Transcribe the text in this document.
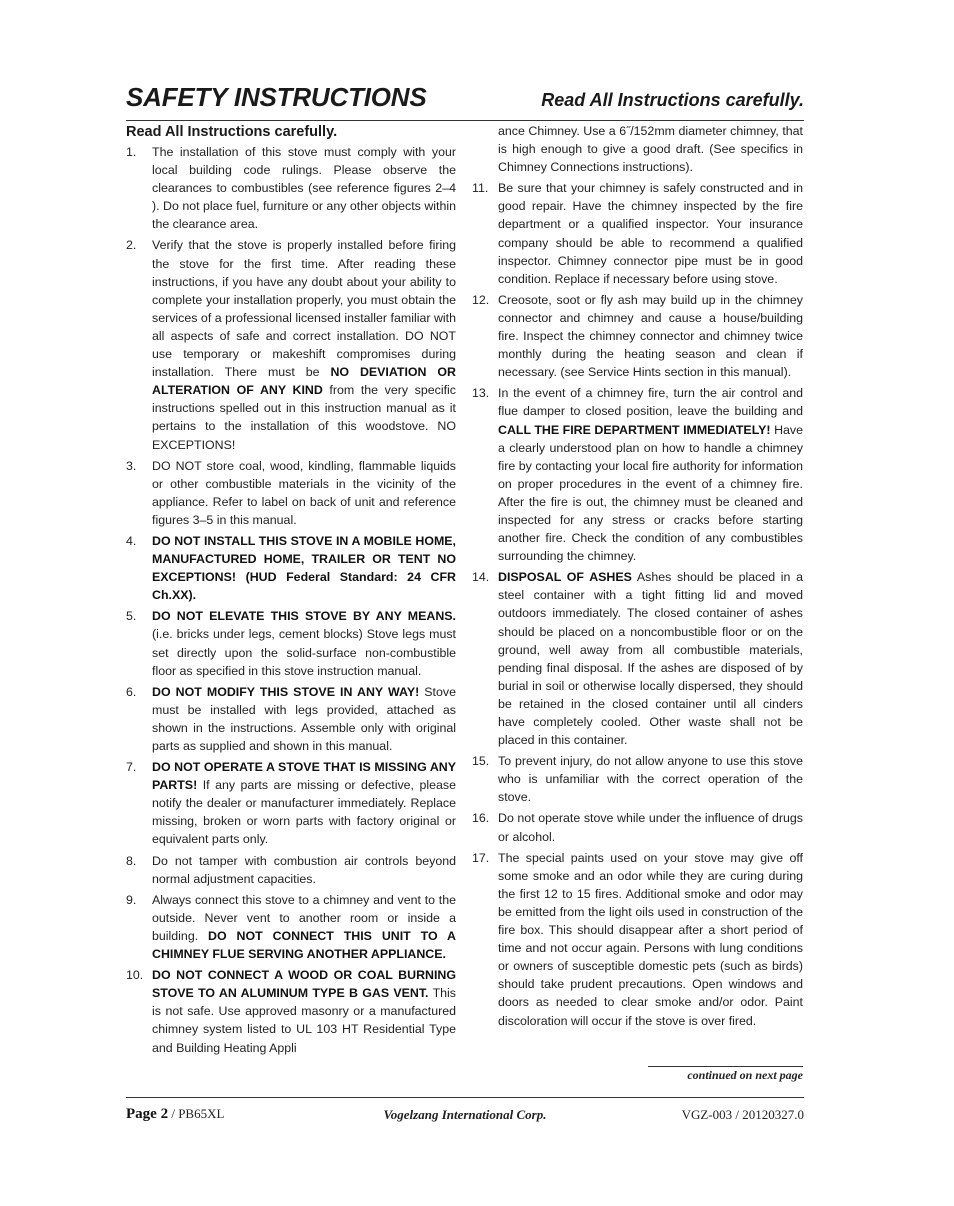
SAFETY INSTRUCTIONS	Read All Instructions carefully.
Read All Instructions carefully.
1. The installation of this stove must comply with your local building code rulings. Please observe the clearances to combustibles (see reference figures 2–4 ). Do not place fuel, furniture or any other objects within the clearance area.
2. Verify that the stove is properly installed before firing the stove for the first time. After reading these instructions, if you have any doubt about your ability to complete your installation properly, you must obtain the services of a professional licensed installer familiar with all aspects of safe and correct installation. DO NOT use temporary or makeshift compromises during installation. There must be NO DEVIATION OR ALTERATION OF ANY KIND from the very specific instructions spelled out in this instruction manual as it pertains to the installation of this woodstove. NO EXCEPTIONS!
3. DO NOT store coal, wood, kindling, flammable liquids or other combustible materials in the vicinity of the appliance. Refer to label on back of unit and reference figures 3–5 in this manual.
4. DO NOT INSTALL THIS STOVE IN A MOBILE HOME, MANUFACTURED HOME, TRAILER OR TENT NO EXCEPTIONS! (HUD Federal Standard: 24 CFR Ch.XX).
5. DO NOT ELEVATE THIS STOVE BY ANY MEANS. (i.e. bricks under legs, cement blocks) Stove legs must set directly upon the solid-surface non-combustible floor as specified in this stove instruction manual.
6. DO NOT MODIFY THIS STOVE IN ANY WAY! Stove must be installed with legs provided, attached as shown in the instructions. Assemble only with original parts as supplied and shown in this manual.
7. DO NOT OPERATE A STOVE THAT IS MISSING ANY PARTS! If any parts are missing or defective, please notify the dealer or manufacturer immediately. Replace missing, broken or worn parts with factory original or equivalent parts only.
8. Do not tamper with combustion air controls beyond normal adjustment capacities.
9. Always connect this stove to a chimney and vent to the outside. Never vent to another room or inside a building. DO NOT CONNECT THIS UNIT TO A CHIMNEY FLUE SERVING ANOTHER APPLIANCE.
10. DO NOT CONNECT A WOOD OR COAL BURNING STOVE TO AN ALUMINUM TYPE B GAS VENT. This is not safe. Use approved masonry or a manufactured chimney system listed to UL 103 HT Residential Type and Building Heating Appli
ance Chimney. Use a 6˝/152mm diameter chimney, that is high enough to give a good draft. (See specifics in Chimney Connections instructions).
11. Be sure that your chimney is safely constructed and in good repair. Have the chimney inspected by the fire department or a qualified inspector. Your insurance company should be able to recommend a qualified inspector. Chimney connector pipe must be in good condition. Replace if necessary before using stove.
12. Creosote, soot or fly ash may build up in the chimney connector and chimney and cause a house/building fire. Inspect the chimney connector and chimney twice monthly during the heating season and clean if necessary. (see Service Hints section in this manual).
13. In the event of a chimney fire, turn the air control and flue damper to closed position, leave the building and CALL THE FIRE DEPARTMENT IMMEDIATELY! Have a clearly understood plan on how to handle a chimney fire by contacting your local fire authority for information on proper procedures in the event of a chimney fire. After the fire is out, the chimney must be cleaned and inspected for any stress or cracks before starting another fire. Check the condition of any combustibles surrounding the chimney.
14. DISPOSAL OF ASHES Ashes should be placed in a steel container with a tight fitting lid and moved outdoors immediately. The closed container of ashes should be placed on a noncombustible floor or on the ground, well away from all combustible materials, pending final disposal. If the ashes are disposed of by burial in soil or otherwise locally dispersed, they should be retained in the closed container until all cinders have completely cooled. Other waste shall not be placed in this container.
15. To prevent injury, do not allow anyone to use this stove who is unfamiliar with the correct operation of the stove.
16. Do not operate stove while under the influence of drugs or alcohol.
17. The special paints used on your stove may give off some smoke and an odor while they are curing during the first 12 to 15 fires. Additional smoke and odor may be emitted from the light oils used in construction of the fire box. This should disappear after a short period of time and not occur again. Persons with lung conditions or owners of susceptible domestic pets (such as birds) should take prudent precautions. Open windows and doors as needed to clear smoke and/or odor. Paint discoloration will occur if the stove is over fired.
continued on next page
Page 2 / PB65XL	Vogelzang International Corp.	VGZ-003 / 20120327.0
